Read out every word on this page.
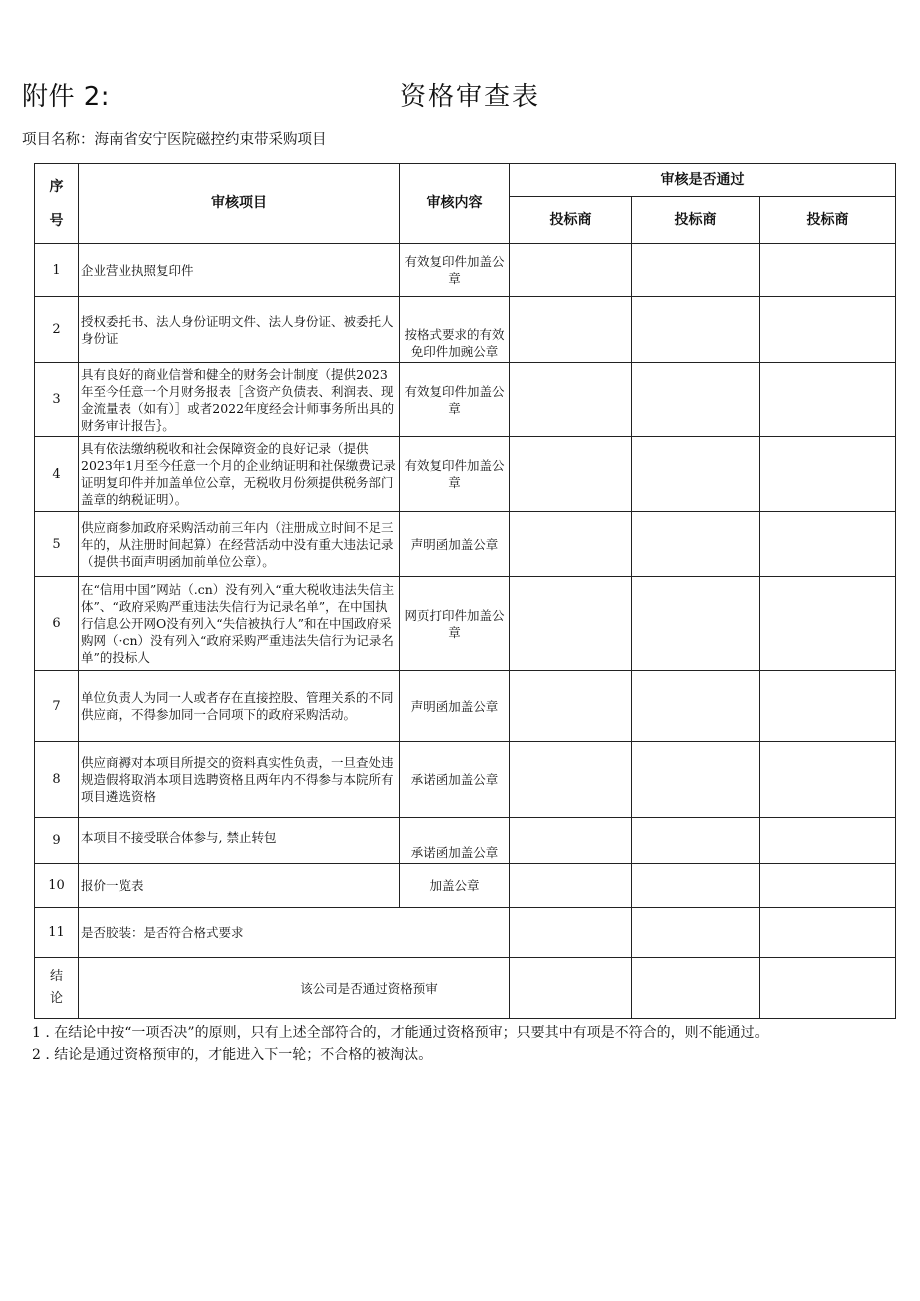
附件 2:	资格审查表
项目名称：海南省安宁医院磁控约束带采购项目
序
号	审核项目	审核内容	审核是否通过		
			投标商	投标商	投标商
1	企业营业执照复印件	有效复印件加盖公章			
2	授权委托书、法人身份证明文件、法人身份证、被委托人身份证	按格式要求的有效免印件加豌公章			
3	具有良好的商业信誉和健全的财务会计制度（提供2023年至今任意一个月财务报表［含资产负债表、利润表、现金流量表（如有）］或者2022年度经会计师事务所出具的财务审计报告｝。	有效复印件加盖公章			
4	具有依法缴纳税收和社会保障资金的良好记录（提供2023年1月至今任意一个月的企业纳证明和社保缴费记录证明复印件并加盖单位公章，无税收月份须提供税务部门盖章的纳税证明）。	有效复印件加盖公章			
5	供应商参加政府采购活动前三年内（注册成立时间不足三年的，从注册时间起算）在经营活动中没有重大违法记录（提供书面声明函加前单位公章）。	声明函加盖公章			
6	在“信用中国”网站（.cn）没有列入“重大税收违法失信主体”、“政府采购严重违法失信行为记录名单”，在中国执行信息公开网O没有列入“失信被执行人”和在中国政府采购网（·cn）没有列入“政府采购严重违法失信行为记录名单”的投标人	网页打印件加盖公章			
7	单位负责人为同一人或者存在直接控股、管理关系的不同供应商，不得参加同一合同项下的政府采购活动。	声明函加盖公章			
8	供应商褥对本项目所提交的资料真实性负责，一旦查处违规造假将取消本项目选聘资格且两年内不得参与本院所有项目遴选资格	承诺函加盖公章			
9	本项目不接受联合体参与, 禁止转包	承诺函加盖公章			
10	报价一览表	加盖公章			
11	是否胶装：是否符合格式要求				

结
论	该公司是否通过资格预审				
1 . 在结论中按“一项否决”的原则，只有上述全部符合的，才能通过资格预审；只要其中有项是不符合的，则不能通过。
2 . 结论是通过资格预审的，才能进入下一轮；不合格的被淘汰。
